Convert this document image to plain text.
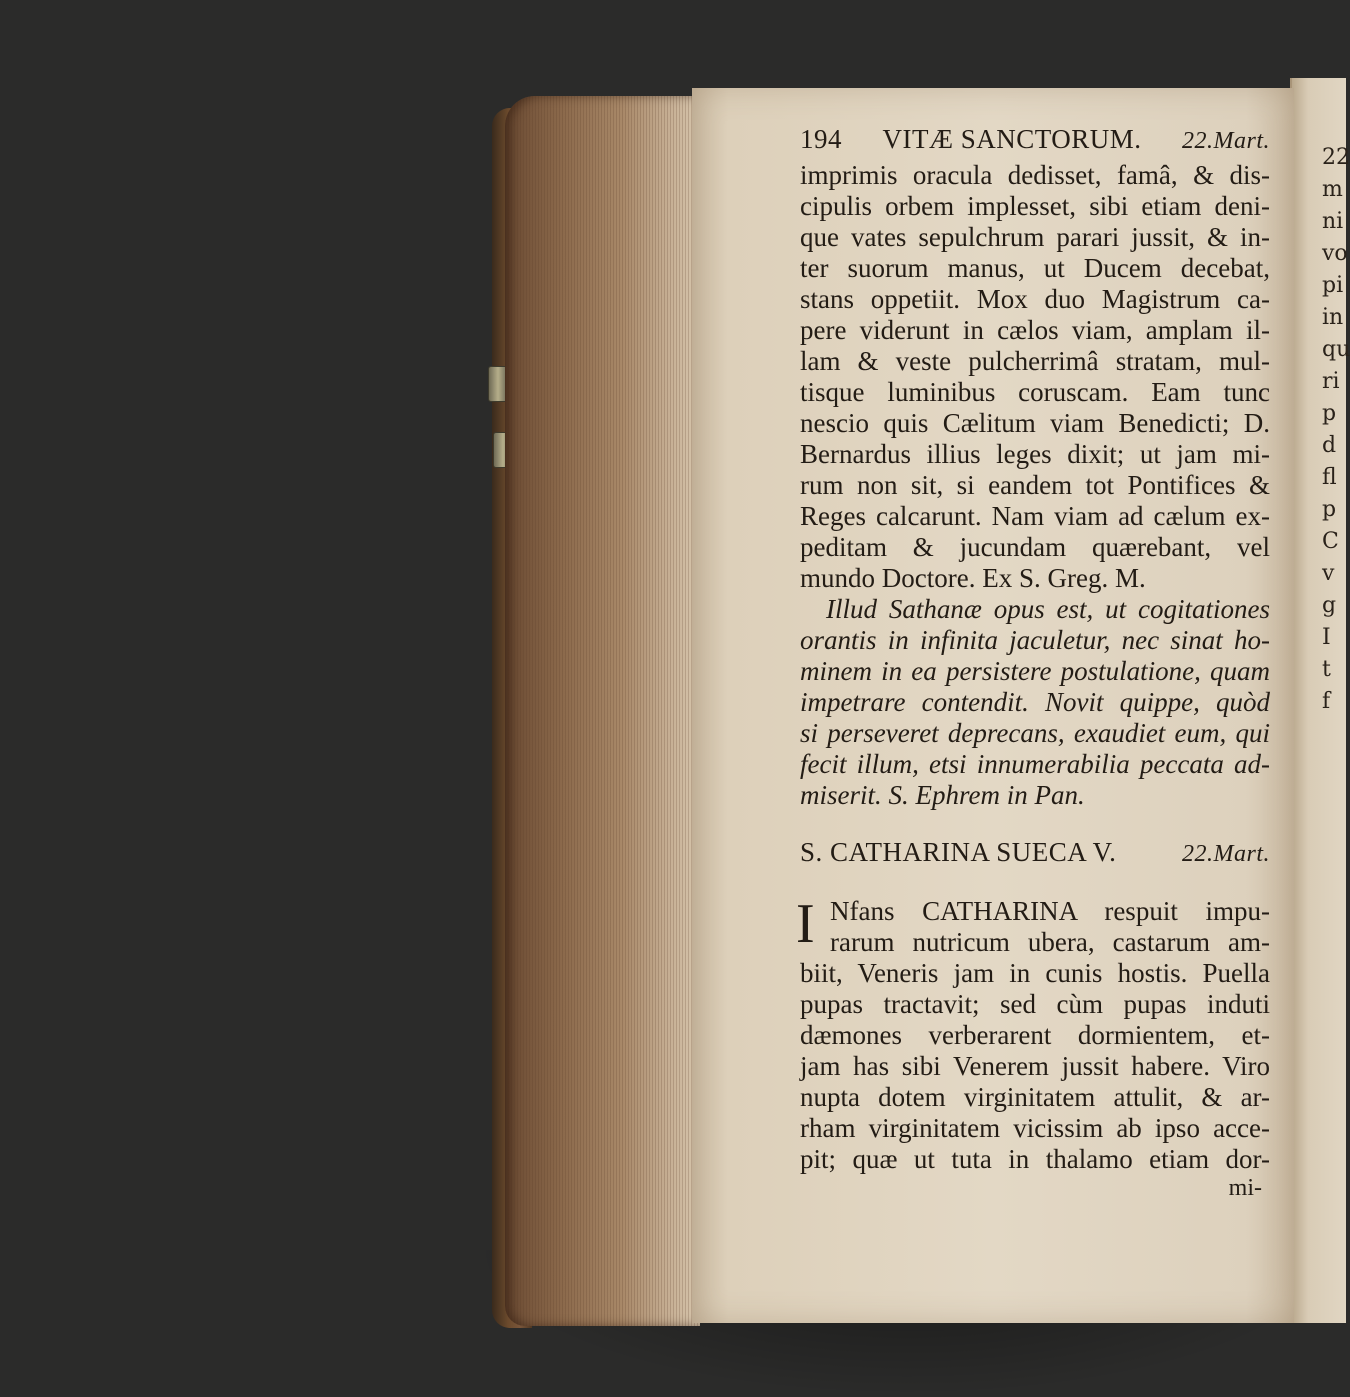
22
m
ni
vo
pi
in
qu
ri
p
d
fl
p
C
v
g
I
t
f
194 VITÆ SANCTORUM. 22.Mart.
imprimis oracula dedisset, famâ, & dis-
cipulis orbem implesset, sibi etiam deni-
que vates sepulchrum parari jussit, & in-
ter suorum manus, ut Ducem decebat,
stans oppetiit. Mox duo Magistrum ca-
pere viderunt in cælos viam, amplam il-
lam & veste pulcherrimâ stratam, mul-
tisque luminibus coruscam. Eam tunc
nescio quis Cælitum viam Benedicti; D.
Bernardus illius leges dixit; ut jam mi-
rum non sit, si eandem tot Pontifices &
Reges calcarunt. Nam viam ad cælum ex-
peditam & jucundam quærebant, vel
mundo Doctore. Ex S. Greg. M.
Illud Sathanæ opus est, ut cogitationes
orantis in infinita jaculetur, nec sinat ho-
minem in ea persistere postulatione, quam
impetrare contendit. Novit quippe, quòd
si perseveret deprecans, exaudiet eum, qui
fecit illum, etsi innumerabilia peccata ad-
miserit. S. Ephrem in Pan.
S. CATHARINA SUECA V.	22.Mart.
I Nfans CATHARINA respuit impu-
rarum nutricum ubera, castarum am-
biit, Veneris jam in cunis hostis. Puella
pupas tractavit; sed cùm pupas induti
dæmones verberarent dormientem, et-
jam has sibi Venerem jussit habere. Viro
nupta dotem virginitatem attulit, & ar-
rham virginitatem vicissim ab ipso acce-
pit; quæ ut tuta in thalamo etiam dor-
mi-
